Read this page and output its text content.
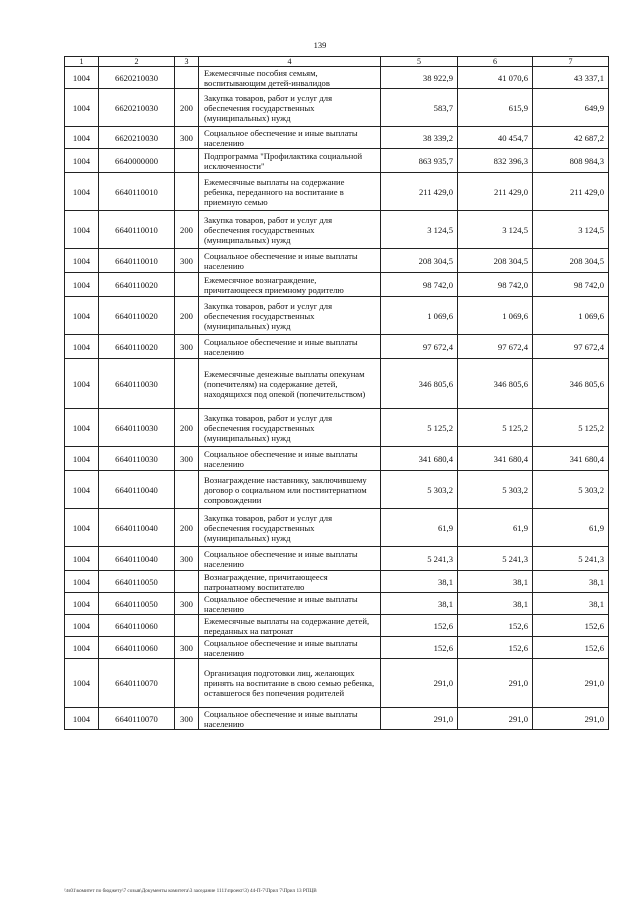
139
1	2	3	4	5	6	7
1004	6620210030		Ежемесячные пособия семьям, воспитывающим детей-инвалидов	38 922,9	41 070,6	43 337,1
1004	6620210030	200	Закупка товаров, работ и услуг для обеспечения государственных (муниципальных) нужд	583,7	615,9	649,9
1004	6620210030	300	Социальное обеспечение и иные выплаты населению	38 339,2	40 454,7	42 687,2
1004	6640000000		Подпрограмма "Профилактика социальной исключенности"	863 935,7	832 396,3	808 984,3
1004	6640110010		Ежемесячные выплаты на содержание ребенка, переданного на воспитание в приемную семью	211 429,0	211 429,0	211 429,0
1004	6640110010	200	Закупка товаров, работ и услуг для обеспечения государственных (муниципальных) нужд	3 124,5	3 124,5	3 124,5
1004	6640110010	300	Социальное обеспечение и иные выплаты населению	208 304,5	208 304,5	208 304,5
1004	6640110020		Ежемесячное вознаграждение, причитающееся приемному родителю	98 742,0	98 742,0	98 742,0
1004	6640110020	200	Закупка товаров, работ и услуг для обеспечения государственных (муниципальных) нужд	1 069,6	1 069,6	1 069,6
1004	6640110020	300	Социальное обеспечение и иные выплаты населению	97 672,4	97 672,4	97 672,4
1004	6640110030		Ежемесячные денежные выплаты опекунам (попечителям) на содержание детей, находящихся под опекой (попечительством)	346 805,6	346 805,6	346 805,6
1004	6640110030	200	Закупка товаров, работ и услуг для обеспечения государственных (муниципальных) нужд	5 125,2	5 125,2	5 125,2
1004	6640110030	300	Социальное обеспечение и иные выплаты населению	341 680,4	341 680,4	341 680,4
1004	6640110040		Вознаграждение наставнику, заключившему договор о социальном или постинтернатном сопровождении	5 303,2	5 303,2	5 303,2
1004	6640110040	200	Закупка товаров, работ и услуг для обеспечения государственных (муниципальных) нужд	61,9	61,9	61,9
1004	6640110040	300	Социальное обеспечение и иные выплаты населению	5 241,3	5 241,3	5 241,3
1004	6640110050		Вознаграждение, причитающееся патронатному воспитателю	38,1	38,1	38,1
1004	6640110050	300	Социальное обеспечение и иные выплаты населению	38,1	38,1	38,1
1004	6640110060		Ежемесячные выплаты на содержание детей, переданных на патронат	152,6	152,6	152,6
1004	6640110060	300	Социальное обеспечение и иные выплаты населению	152,6	152,6	152,6
1004	6640110070		Организация подготовки лиц, желающих принять на воспитание в свою семью ребенка, оставшегося без попечения родителей	291,0	291,0	291,0
1004	6640110070	300	Социальное обеспечение и иные выплаты населению	291,0	291,0	291,0
\\ts01\комитет по бюджету\7 созыв\Документы комитета\3 заседание 1111\проект\3) 44-П-7\Прил 7\Прил 13 РПЦВ
